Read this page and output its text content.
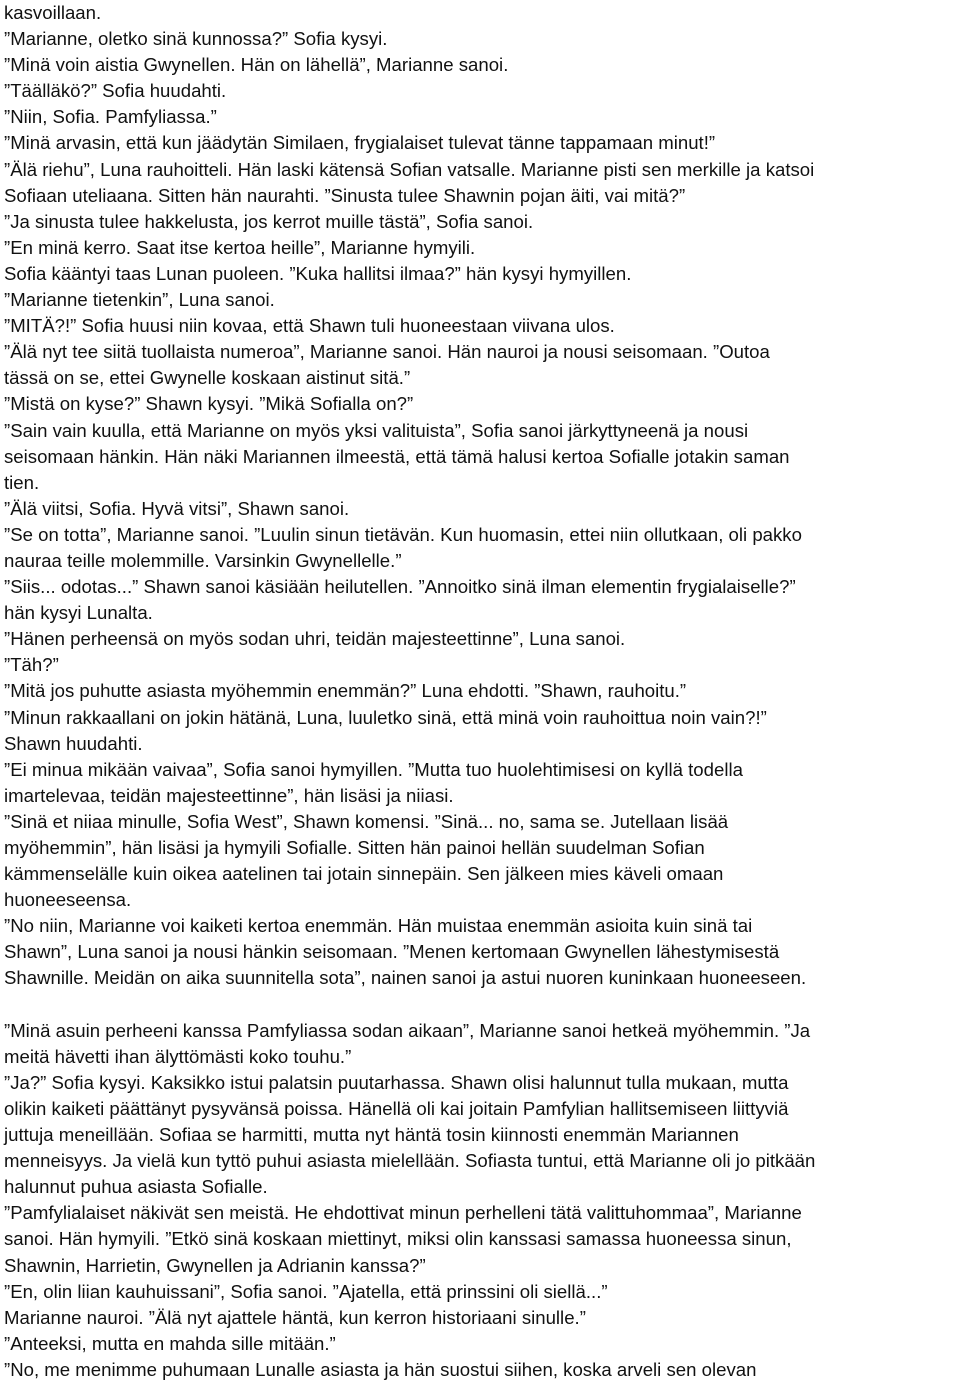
kasvoillaan.
”Marianne, oletko sinä kunnossa?” Sofia kysyi.
”Minä voin aistia Gwynellen. Hän on lähellä”, Marianne sanoi.
”Täälläkö?” Sofia huudahti.
”Niin, Sofia. Pamfyliassa.”
”Minä arvasin, että kun jäädytän Similaen, frygialaiset tulevat tänne tappamaan minut!”
”Älä riehu”, Luna rauhoitteli. Hän laski kätensä Sofian vatsalle. Marianne pisti sen merkille ja katsoi
Sofiaan uteliaana. Sitten hän naurahti. ”Sinusta tulee Shawnin pojan äiti, vai mitä?”
”Ja sinusta tulee hakkelusta, jos kerrot muille tästä”, Sofia sanoi.
”En minä kerro. Saat itse kertoa heille”, Marianne hymyili.
Sofia kääntyi taas Lunan puoleen. ”Kuka hallitsi ilmaa?” hän kysyi hymyillen.
”Marianne tietenkin”, Luna sanoi.
”MITÄ?!” Sofia huusi niin kovaa, että Shawn tuli huoneestaan viivana ulos.
”Älä nyt tee siitä tuollaista numeroa”, Marianne sanoi. Hän nauroi ja nousi seisomaan. ”Outoa
tässä on se, ettei Gwynelle koskaan aistinut sitä.”
”Mistä on kyse?” Shawn kysyi. ”Mikä Sofialla on?”
”Sain vain kuulla, että Marianne on myös yksi valituista”, Sofia sanoi järkyttyneenä ja nousi
seisomaan hänkin. Hän näki Mariannen ilmeestä, että tämä halusi kertoa Sofialle jotakin saman
tien.
”Älä viitsi, Sofia. Hyvä vitsi”, Shawn sanoi.
”Se on totta”, Marianne sanoi. ”Luulin sinun tietävän. Kun huomasin, ettei niin ollutkaan, oli pakko
nauraa teille molemmille. Varsinkin Gwynellelle.”
”Siis... odotas...” Shawn sanoi käsiään heilutellen. ”Annoitko sinä ilman elementin frygialaiselle?”
hän kysyi Lunalta.
”Hänen perheensä on myös sodan uhri, teidän majesteettinne”, Luna sanoi.
”Täh?”
”Mitä jos puhutte asiasta myöhemmin enemmän?” Luna ehdotti. ”Shawn, rauhoitu.”
”Minun rakkaallani on jokin hätänä, Luna, luuletko sinä, että minä voin rauhoittua noin vain?!”
Shawn huudahti.
”Ei minua mikään vaivaa”, Sofia sanoi hymyillen. ”Mutta tuo huolehtimisesi on kyllä todella
imartelevaa, teidän majesteettinne”, hän lisäsi ja niiasi.
”Sinä et niiaa minulle, Sofia West”, Shawn komensi. ”Sinä... no, sama se. Jutellaan lisää
myöhemmin”, hän lisäsi ja hymyili Sofialle. Sitten hän painoi hellän suudelman Sofian
kämmenselälle kuin oikea aatelinen tai jotain sinnepäin. Sen jälkeen mies käveli omaan
huoneeseensa.
”No niin, Marianne voi kaiketi kertoa enemmän. Hän muistaa enemmän asioita kuin sinä tai
Shawn”, Luna sanoi ja nousi hänkin seisomaan. ”Menen kertomaan Gwynellen lähestymisestä
Shawnille. Meidän on aika suunnitella sota”, nainen sanoi ja astui nuoren kuninkaan huoneeseen.
”Minä asuin perheeni kanssa Pamfyliassa sodan aikaan”, Marianne sanoi hetkeä myöhemmin. ”Ja
meitä hävetti ihan älyttömästi koko touhu.”
”Ja?” Sofia kysyi. Kaksikko istui palatsin puutarhassa. Shawn olisi halunnut tulla mukaan, mutta
olikin kaiketi päättänyt pysyvänsä poissa. Hänellä oli kai joitain Pamfylian hallitsemiseen liittyviä
juttuja meneillään. Sofiaa se harmitti, mutta nyt häntä tosin kiinnosti enemmän Mariannen
menneisyys. Ja vielä kun tyttö puhui asiasta mielellään. Sofiasta tuntui, että Marianne oli jo pitkään
halunnut puhua asiasta Sofialle.
”Pamfylialaiset näkivät sen meistä. He ehdottivat minun perhelleni tätä valittuhommaa”, Marianne
sanoi. Hän hymyili. ”Etkö sinä koskaan miettinyt, miksi olin kanssasi samassa huoneessa sinun,
Shawnin, Harrietin, Gwynellen ja Adrianin kanssa?”
”En, olin liian kauhuissani”, Sofia sanoi. ”Ajatella, että prinssini oli siellä...”
Marianne nauroi. ”Älä nyt ajattele häntä, kun kerron historiaani sinulle.”
”Anteeksi, mutta en mahda sille mitään.”
”No, me menimme puhumaan Lunalle asiasta ja hän suostui siihen, koska arveli sen olevan
